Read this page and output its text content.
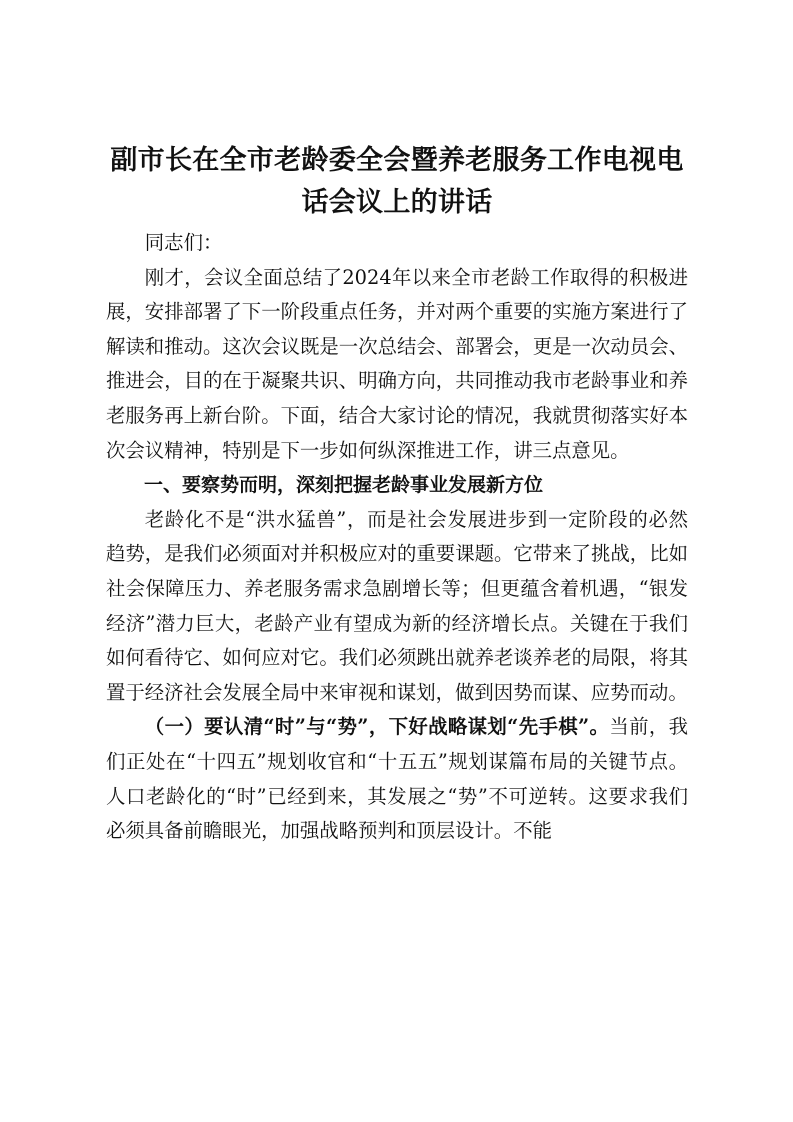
副市长在全市老龄委全会暨养老服务工作电视电话会议上的讲话

同志们：

刚才，会议全面总结了2024年以来全市老龄工作取得的积极进展，安排部署了下一阶段重点任务，并对两个重要的实施方案进行了解读和推动。这次会议既是一次总结会、部署会，更是一次动员会、推进会，目的在于凝聚共识、明确方向，共同推动我市老龄事业和养老服务再上新台阶。下面，结合大家讨论的情况，我就贯彻落实好本次会议精神，特别是下一步如何纵深推进工作，讲三点意见。

一、要察势而明，深刻把握老龄事业发展新方位

老龄化不是“洪水猛兽”，而是社会发展进步到一定阶段的必然趋势，是我们必须面对并积极应对的重要课题。它带来了挑战，比如社会保障压力、养老服务需求急剧增长等；但更蕴含着机遇，“银发经济”潜力巨大，老龄产业有望成为新的经济增长点。关键在于我们如何看待它、如何应对它。我们必须跳出就养老谈养老的局限，将其置于经济社会发展全局中来审视和谋划，做到因势而谋、应势而动。

（一）要认清“时”与“势”，下好战略谋划“先手棋”。当前，我们正处在“十四五”规划收官和“十五五”规划谋篇布局的关键节点。人口老龄化的“时”已经到来，其发展之“势”不可逆转。这要求我们必须具备前瞻眼光，加强战略预判和顶层设计。不能
